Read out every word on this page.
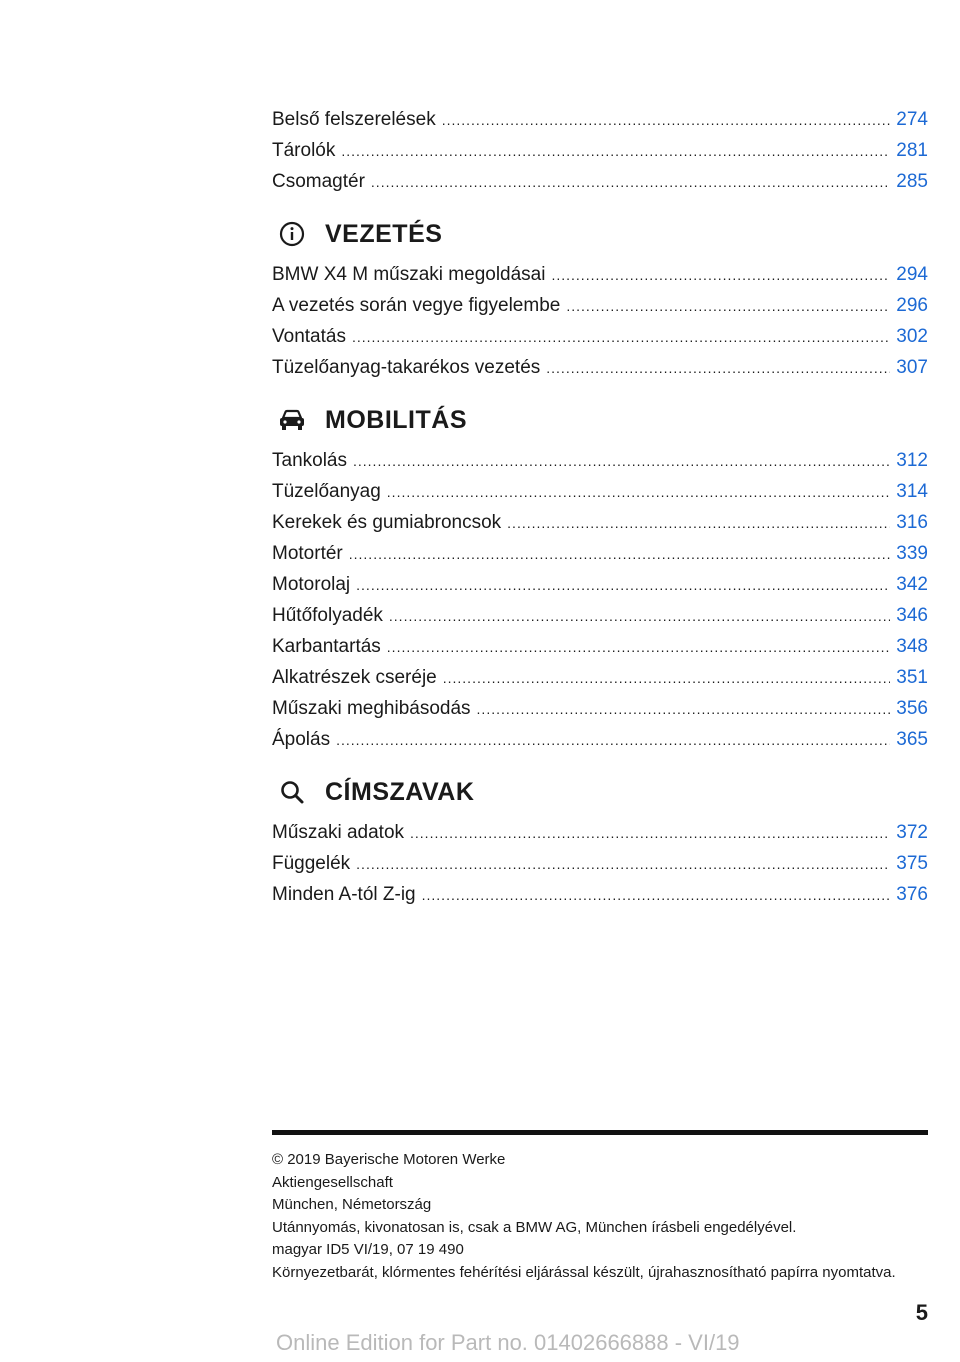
Belső felszerelések .....	274
Tárolók .....	281
Csomagtér .....	285
VEZETÉS
BMW X4 M műszaki megoldásai .....	294
A vezetés során vegye figyelembe .....	296
Vontatás .....	302
Tüzelőanyag-takarékos vezetés .....	307
MOBILITÁS
Tankolás .....	312
Tüzelőanyag .....	314
Kerekek és gumiabroncsok .....	316
Motortér .....	339
Motorolaj .....	342
Hűtőfolyadék .....	346
Karbantartás .....	348
Alkatrészek cseréje .....	351
Műszaki meghibásodás .....	356
Ápolás .....	365
CÍMSZAVAK
Műszaki adatok .....	372
Függelék .....	375
Minden A-tól Z-ig .....	376
© 2019 Bayerische Motoren Werke
Aktiengesellschaft
München, Németország
Utánnyomás, kivonatosan is, csak a BMW AG, München írásbeli engedélyével.
magyar ID5 VI/19, 07 19 490
Környezetbarát, klórmentes fehérítési eljárással készült, újrahasznosítható papírra nyomtatva.
5
Online Edition for Part no. 01402666888 - VI/19
